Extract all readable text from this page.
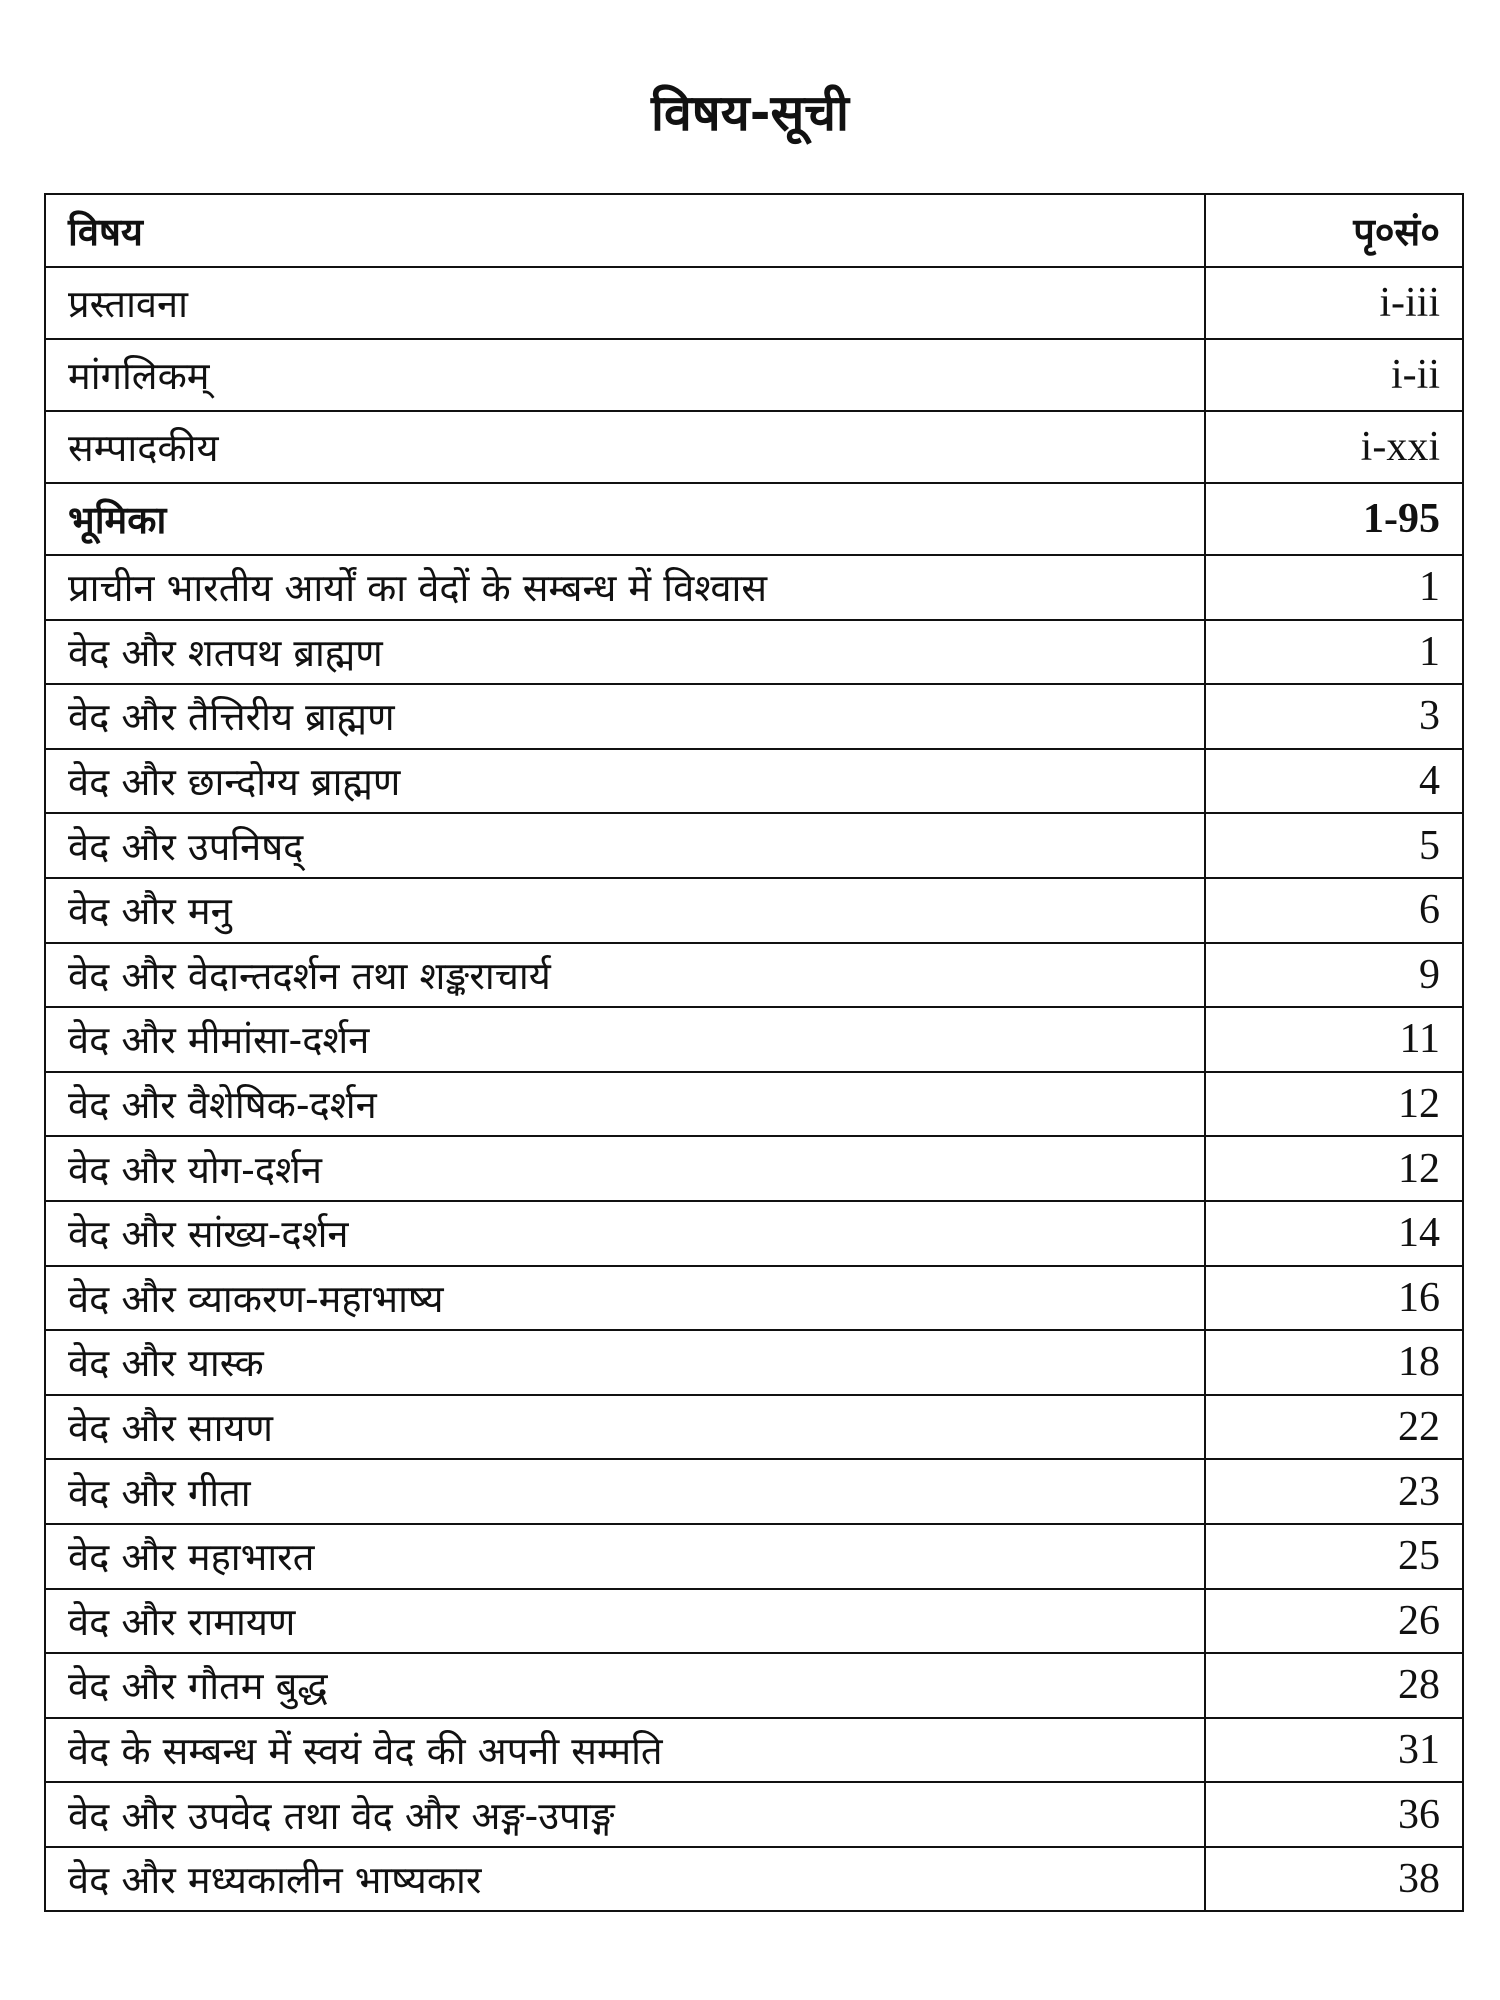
विषय-सूची
विषय	पृ०सं०
प्रस्तावना	i-iii
मांगलिकम्	i-ii
सम्पादकीय	i-xxi
भूमिका	1-95
प्राचीन भारतीय आर्यों का वेदों के सम्बन्ध में विश्वास	1
वेद और शतपथ ब्राह्मण	1
वेद और तैत्तिरीय ब्राह्मण	3
वेद और छान्दोग्य ब्राह्मण	4
वेद और उपनिषद्	5
वेद और मनु	6
वेद और वेदान्तदर्शन तथा शङ्कराचार्य	9
वेद और मीमांसा-दर्शन	11
वेद और वैशेषिक-दर्शन	12
वेद और योग-दर्शन	12
वेद और सांख्य-दर्शन	14
वेद और व्याकरण-महाभाष्य	16
वेद और यास्क	18
वेद और सायण	22
वेद और गीता	23
वेद और महाभारत	25
वेद और रामायण	26
वेद और गौतम बुद्ध	28
वेद के सम्बन्ध में स्वयं वेद की अपनी सम्मति	31
वेद और उपवेद तथा वेद और अङ्ग-उपाङ्ग	36
वेद और मध्यकालीन भाष्यकार	38
